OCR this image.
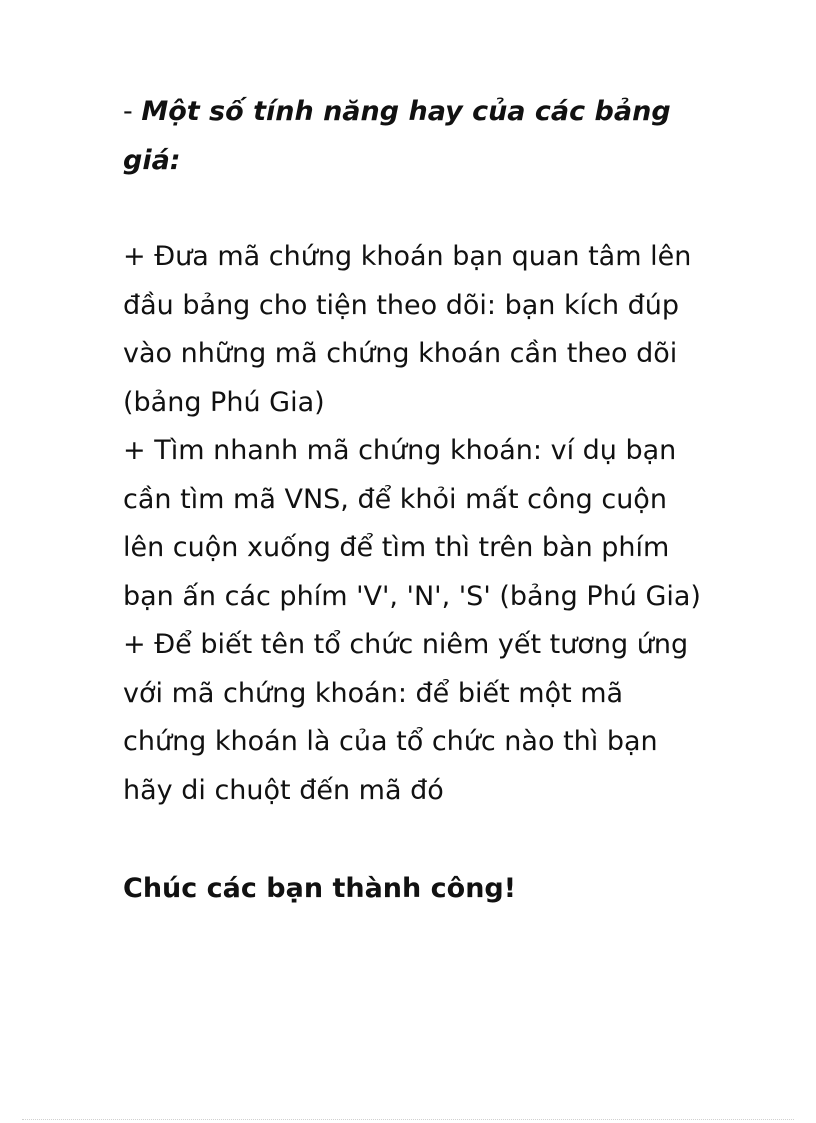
- Một số tính năng hay của các bảng giá:

+ Đưa mã chứng khoán bạn quan tâm lên đầu bảng cho tiện theo dõi: bạn kích đúp vào những mã chứng khoán cần theo dõi (bảng Phú Gia)

+ Tìm nhanh mã chứng khoán: ví dụ bạn cần tìm mã VNS, để khỏi mất công cuộn lên cuộn xuống để tìm thì trên bàn phím bạn ấn các phím 'V', 'N', 'S' (bảng Phú Gia)

+ Để biết tên tổ chức niêm yết tương ứng với mã chứng khoán: để biết một mã chứng khoán là của tổ chức nào thì bạn hãy di chuột đến mã đó

Chúc các bạn thành công!
